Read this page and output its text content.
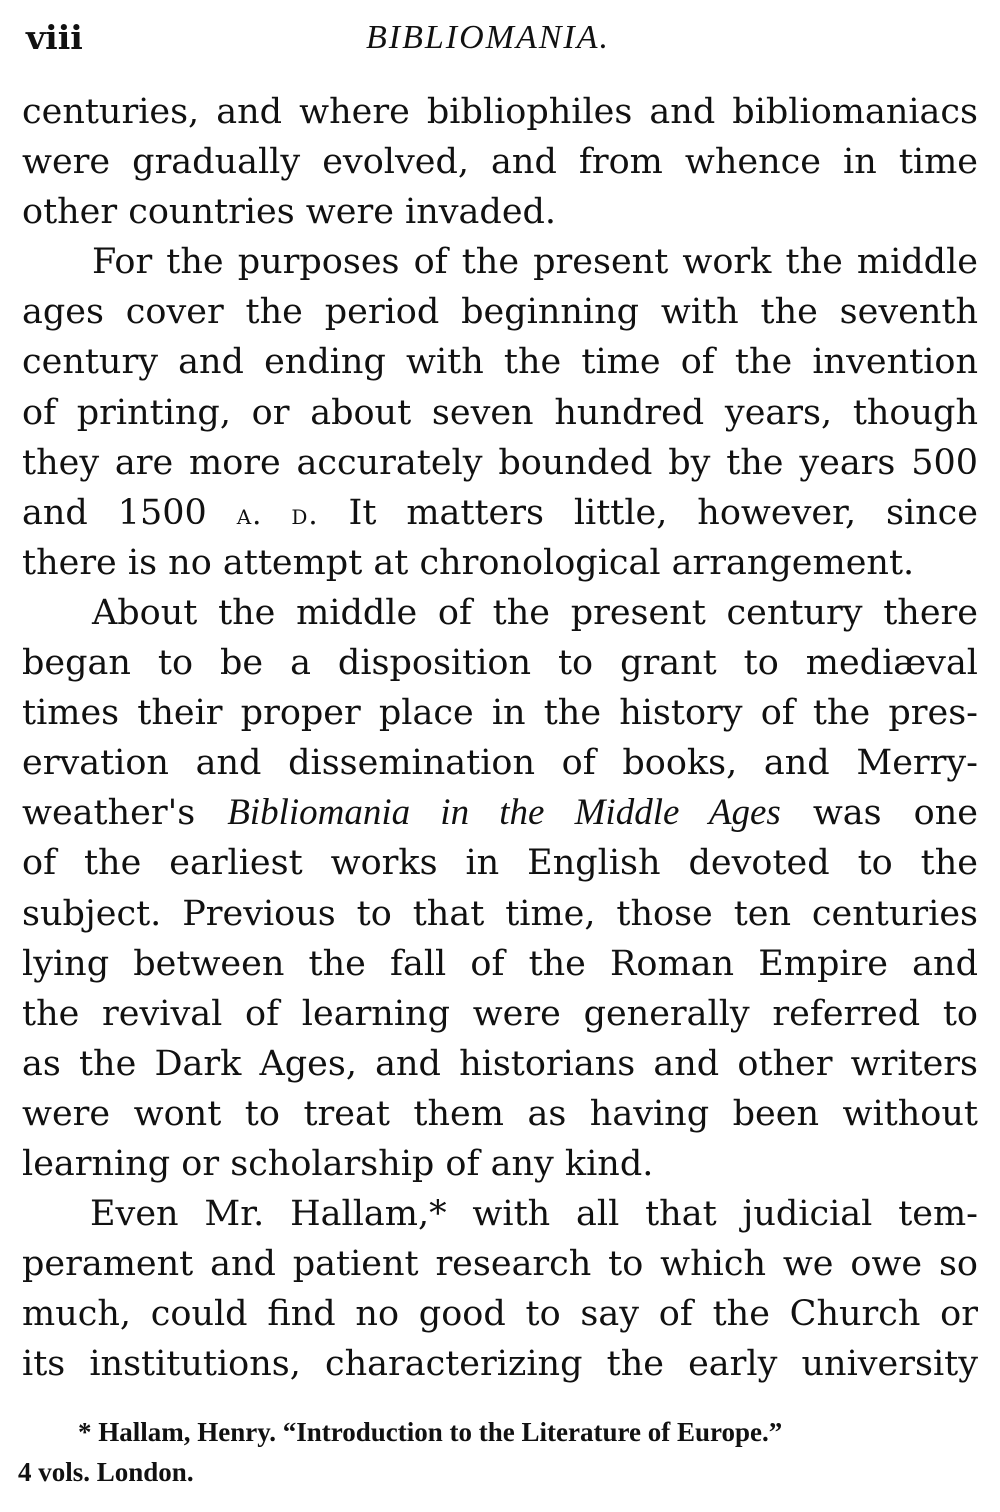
viii	BIBLIOMANIA.
centuries, and where bibliophiles and bibliomaniacs
were gradually evolved, and from whence in time
other countries were invaded.
For the purposes of the present work the middle
ages cover the period beginning with the seventh
century and ending with the time of the invention
of printing, or about seven hundred years, though
they are more accurately bounded by the years 500
and 1500 a. d. It matters little, however, since
there is no attempt at chronological arrangement.
About the middle of the present century there
began to be a disposition to grant to mediæval
times their proper place in the history of the pres-
ervation and dissemination of books, and Merry-
weather's Bibliomania in the Middle Ages was one
of the earliest works in English devoted to the
subject. Previous to that time, those ten centuries
lying between the fall of the Roman Empire and
the revival of learning were generally referred to
as the Dark Ages, and historians and other writers
were wont to treat them as having been without
learning or scholarship of any kind.
Even Mr. Hallam,* with all that judicial tem-
perament and patient research to which we owe so
much, could find no good to say of the Church or
its institutions, characterizing the early university
* Hallam, Henry. “Introduction to the Literature of Europe.”
4 vols. London.
